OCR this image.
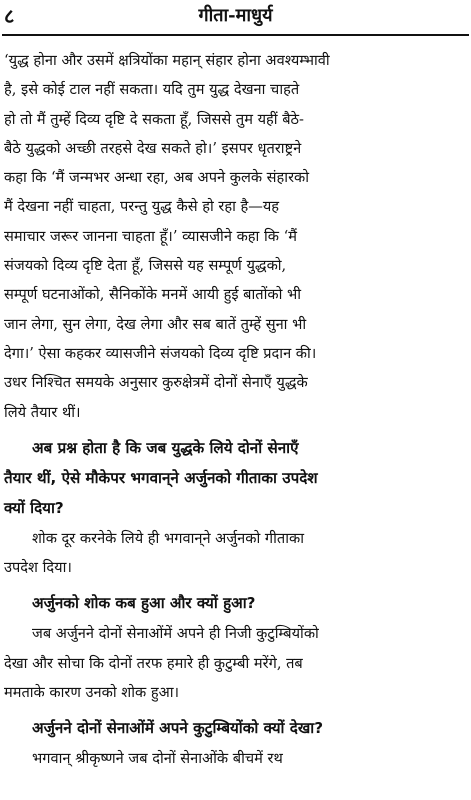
८	गीता-माधुर्य
‘युद्ध होना और उसमें क्षत्रियोंका महान् संहार होना अवश्यम्भावी
है, इसे कोई टाल नहीं सकता। यदि तुम युद्ध देखना चाहते
हो तो मैं तुम्हें दिव्य दृष्टि दे सकता हूँ, जिससे तुम यहीं बैठे-
बैठे युद्धको अच्छी तरहसे देख सकते हो।’ इसपर धृतराष्ट्रने
कहा कि ‘मैं जन्मभर अन्धा रहा, अब अपने कुलके संहारको
मैं देखना नहीं चाहता, परन्तु युद्ध कैसे हो रहा है—यह
समाचार जरूर जानना चाहता हूँ।’ व्यासजीने कहा कि ‘मैं
संजयको दिव्य दृष्टि देता हूँ, जिससे यह सम्पूर्ण युद्धको,
सम्पूर्ण घटनाओंको, सैनिकोंके मनमें आयी हुई बातोंको भी
जान लेगा, सुन लेगा, देख लेगा और सब बातें तुम्हें सुना भी
देगा।’ ऐसा कहकर व्यासजीने संजयको दिव्य दृष्टि प्रदान की।
उधर निश्चित समयके अनुसार कुरुक्षेत्रमें दोनों सेनाएँ युद्धके
लिये तैयार थीं।
अब प्रश्न होता है कि जब युद्धके लिये दोनों सेनाएँ
तैयार थीं, ऐसे मौकेपर भगवान्‌ने अर्जुनको गीताका उपदेश
क्यों दिया?
शोक दूर करनेके लिये ही भगवान्‌ने अर्जुनको गीताका
उपदेश दिया।
अर्जुनको शोक कब हुआ और क्यों हुआ?
जब अर्जुनने दोनों सेनाओंमें अपने ही निजी कुटुम्बियोंको
देखा और सोचा कि दोनों तरफ हमारे ही कुटुम्बी मरेंगे, तब
ममताके कारण उनको शोक हुआ।
अर्जुनने दोनों सेनाओंमें अपने कुटुम्बियोंको क्यों देखा?
भगवान् श्रीकृष्णने जब दोनों सेनाओंके बीचमें रथ
